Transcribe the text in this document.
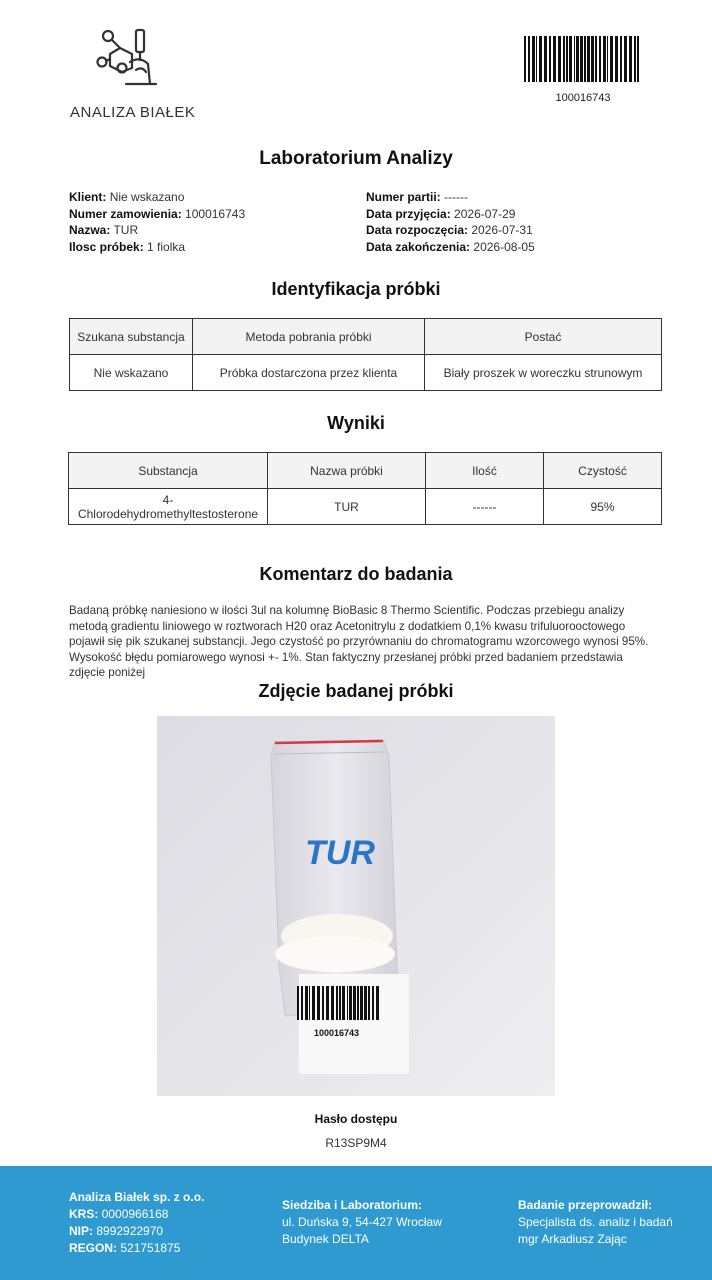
ANALIZA BIAŁEK
100016743
Laboratorium Analizy
Klient: Nie wskazano
Numer zamowienia: 100016743
Nazwa: TUR
Ilosc próbek: 1 fiolka
Numer partii: ------
Data przyjęcia: 2026-07-29
Data rozpoczęcia: 2026-07-31
Data zakończenia: 2026-08-05
Identyfikacja próbki
Szukana substancja	Metoda pobrania próbki	Postać
Nie wskazano	Próbka dostarczona przez klienta	Biały proszek w woreczku strunowym
Wyniki
Substancja	Nazwa próbki	Ilość	Czystość
4-Chlorodehydromethyltestosterone	TUR	------	95%
Komentarz do badania
Badaną próbkę naniesiono w ilości 3ul na kolumnę BioBasic 8 Thermo Scientific. Podczas przebiegu analizy metodą gradientu liniowego w roztworach H20 oraz Acetonitrylu z dodatkiem 0,1% kwasu trifuluorooctowego pojawił się pik szukanej substancji. Jego czystość po przyrównaniu do chromatogramu wzorcowego wynosi 95%. Wysokość błędu pomiarowego wynosi +- 1%. Stan faktyczny przesłanej próbki przed badaniem przedstawia zdjęcie poniżej
Zdjęcie badanej próbki
TUR
100016743
Hasło dostępu
R13SP9M4
Analiza Białek sp. z o.o.
KRS: 0000966168
NIP: 8992922970
REGON: 521751875
Siedziba i Laboratorium:
ul. Duńska 9, 54-427 Wrocław
Budynek DELTA
Badanie przeprowadził:
Specjalista ds. analiz i badań
mgr Arkadiusz Zając
